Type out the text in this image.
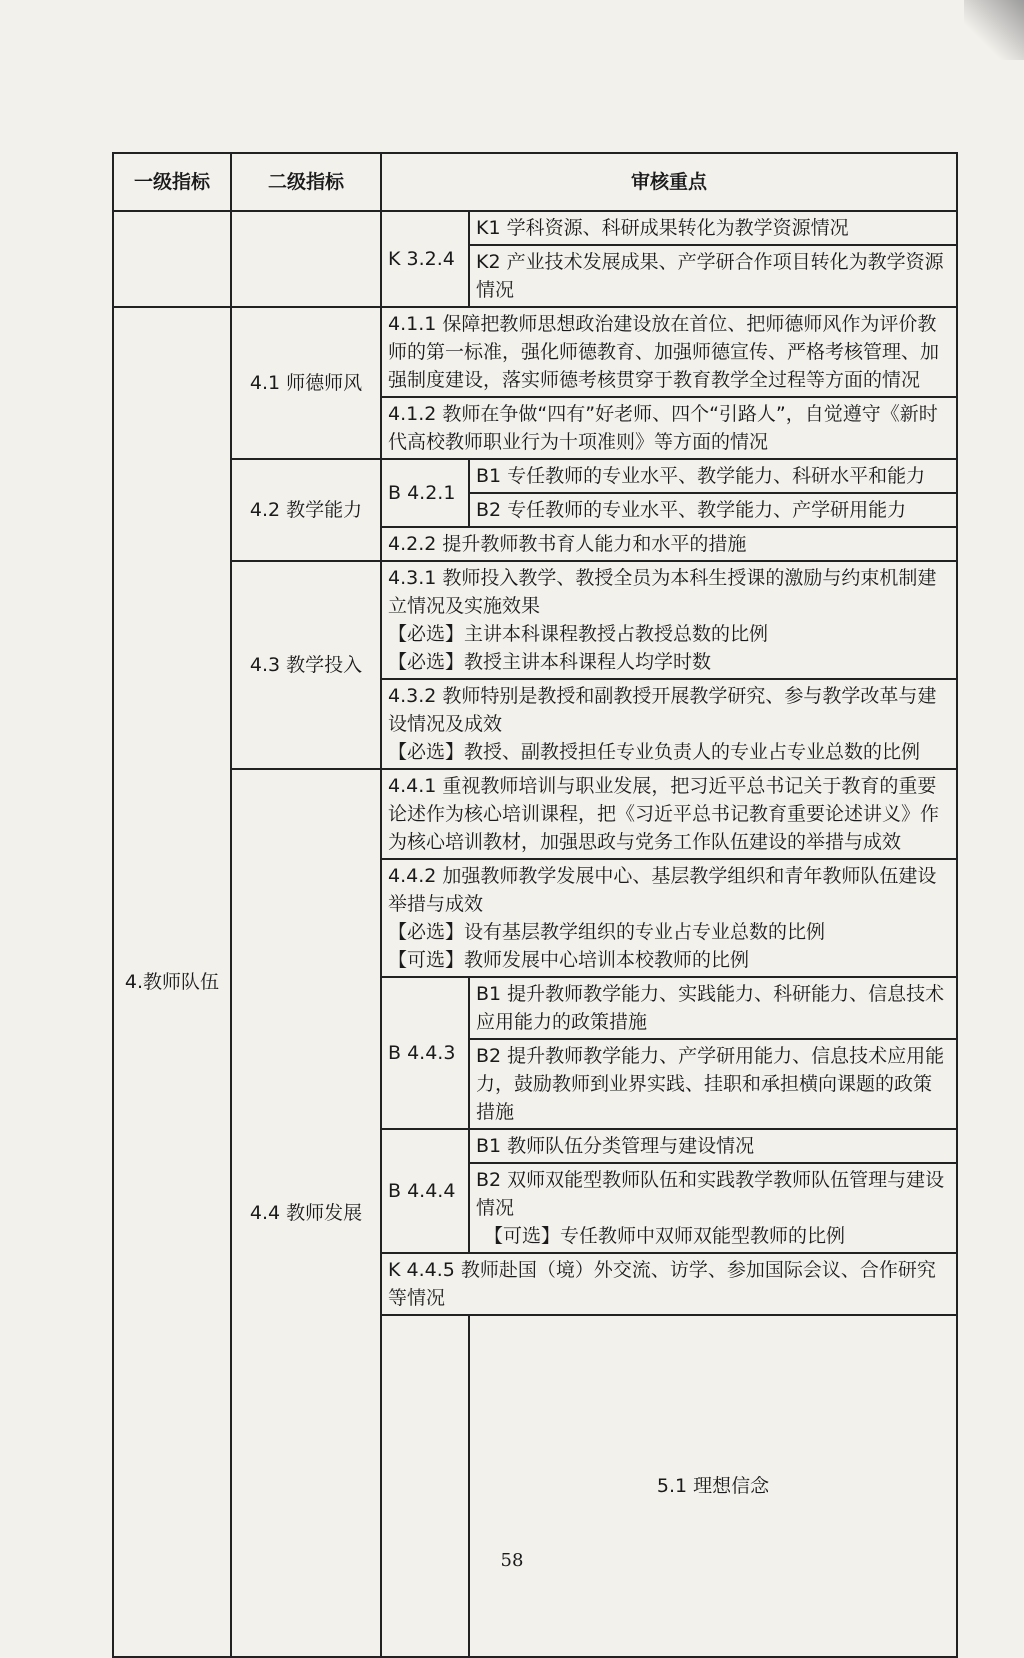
一级指标	二级指标	审核重点		
		K 3.2.4	K1 学科资源、科研成果转化为教学资源情况	
			K2 产业技术发展成果、产学研合作项目转化为教学资源情况	
4.教师队伍	4.1 师德师风	4.1.1 保障把教师思想政治建设放在首位、把师德师风作为评价教师的第一标准，强化师德教育、加强师德宣传、严格考核管理、加强制度建设，落实师德考核贯穿于教育教学全过程等方面的情况		
		4.1.2 教师在争做“四有”好老师、四个“引路人”，自觉遵守《新时代高校教师职业行为十项准则》等方面的情况		
	4.2 教学能力	B 4.2.1	B1 专任教师的专业水平、教学能力、科研水平和能力	
			B2 专任教师的专业水平、教学能力、产学研用能力	
		4.2.2 提升教师教书育人能力和水平的措施		
	4.3 教学投入	4.3.1 教师投入教学、教授全员为本科生授课的激励与约束机制建立情况及实施效果
【必选】主讲本科课程教授占教授总数的比例
【必选】教授主讲本科课程人均学时数		

		4.3.2 教师特别是教授和副教授开展教学研究、参与教学改革与建设情况及成效
【必选】教授、副教授担任专业负责人的专业占专业总数的比例		

	4.4 教师发展	4.4.1 重视教师培训与职业发展，把习近平总书记关于教育的重要论述作为核心培训课程，把《习近平总书记教育重要论述讲义》作为核心培训教材，加强思政与党务工作队伍建设的举措与成效		

		4.4.2 加强教师教学发展中心、基层教学组织和青年教师队伍建设举措与成效
【必选】设有基层教学组织的专业占专业总数的比例
【可选】教师发展中心培训本校教师的比例		

		B 4.4.3	B1 提升教师教学能力、实践能力、科研能力、信息技术应用能力的政策措施	
			B2 提升教师教学能力、产学研用能力、信息技术应用能力，鼓励教师到业界实践、挂职和承担横向课题的政策措施	
		B 4.4.4	B1 教师队伍分类管理与建设情况	

			B2 双师双能型教师队伍和实践教学教师队伍管理与建设情况
【可选】专任教师中双师双能型教师的比例	

		K 4.4.5 教师赴国（境）外交流、访学、参加国际会议、合作研究等情况		
			5.1 理想信念	
58
